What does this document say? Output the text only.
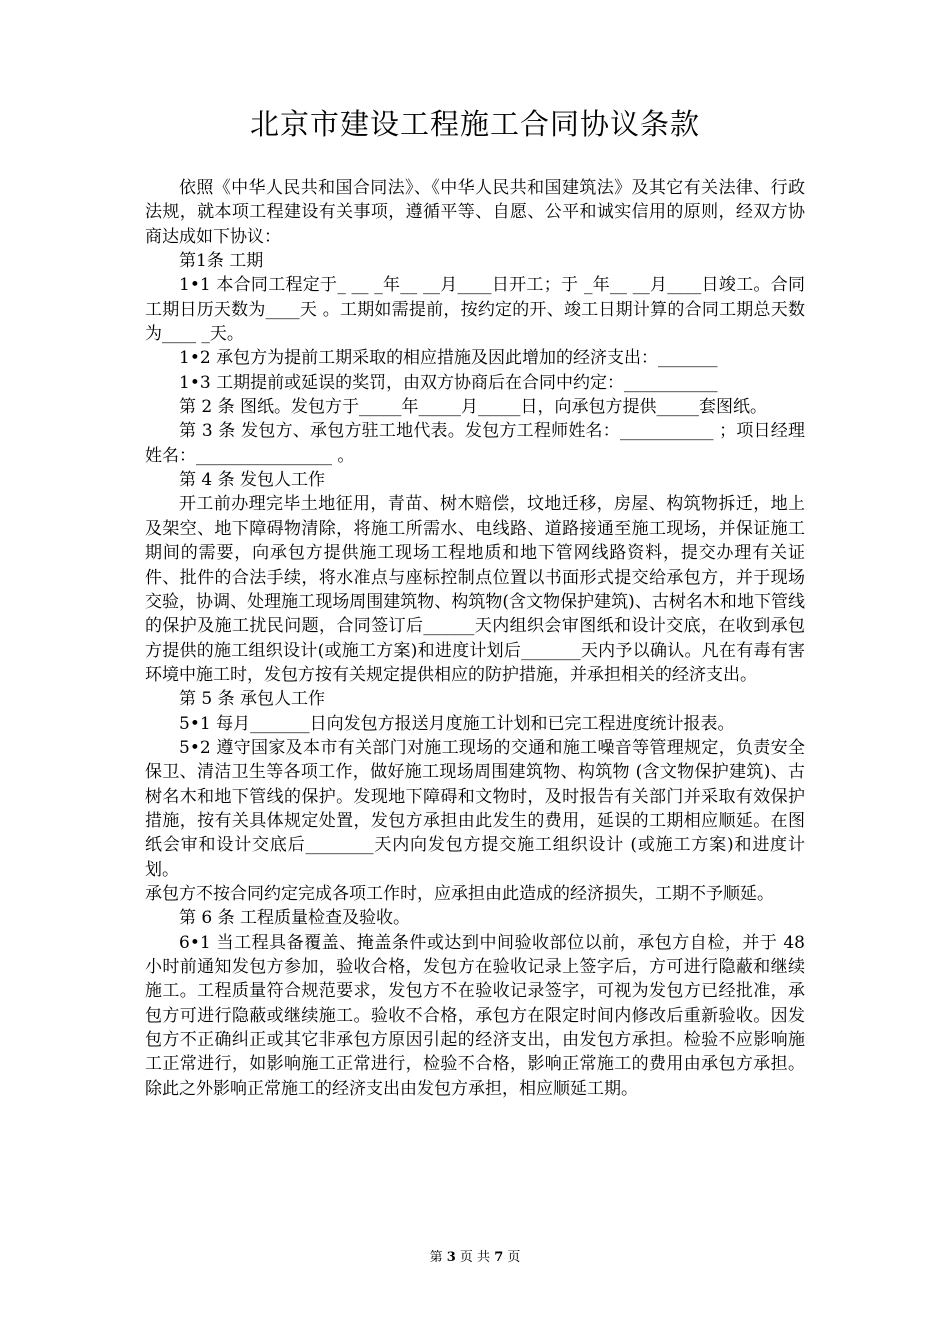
北京市建设工程施工合同协议条款

依照《中华人民共和国合同法》、《中华人民共和国建筑法》及其它有关法律、行政法规，就本项工程建设有关事项，遵循平等、自愿、公平和诚实信用的原则，经双方协商达成如下协议：

第1条 工期

1•1 本合同工程定于_ __ _年__ __月____日开工；于 _年__ __月____日竣工。合同工期日历天数为____天 。工期如需提前，按约定的开、竣工日期计算的合同工期总天数为____ _天。

1•2 承包方为提前工期采取的相应措施及因此增加的经济支出：_______

1•3 工期提前或延误的奖罚，由双方协商后在合同中约定：___________

第 2 条 图纸。发包方于_____年_____月_____日，向承包方提供_____套图纸。

第 3 条 发包方、承包方驻工地代表。发包方工程师姓名：___________ ；项日经理姓名：________________ 。

第 4 条 发包人工作

开工前办理完毕土地征用，青苗、树木赔偿，坟地迁移，房屋、构筑物拆迁，地上及架空、地下障碍物清除，将施工所需水、电线路、道路接通至施工现场，并保证施工期间的需要，向承包方提供施工现场工程地质和地下管网线路资料，提交办理有关证件、批件的合法手续，将水准点与座标控制点位置以书面形式提交给承包方，并于现场交验，协调、处理施工现场周围建筑物、构筑物(含文物保护建筑)、古树名木和地下管线的保护及施工扰民问题，合同签订后______天内组织会审图纸和设计交底，在收到承包方提供的施工组织设计(或施工方案)和进度计划后_______天内予以确认。凡在有毒有害环境中施工时，发包方按有关规定提供相应的防护措施，并承担相关的经济支出。

第 5 条 承包人工作

5•1 每月_______日向发包方报送月度施工计划和已完工程进度统计报表。

5•2 遵守国家及本市有关部门对施工现场的交通和施工噪音等管理规定，负责安全保卫、清洁卫生等各项工作，做好施工现场周围建筑物、构筑物 (含文物保护建筑)、古树名木和地下管线的保护。发现地下障碍和文物时，及时报告有关部门并采取有效保护措施，按有关具体规定处置，发包方承担由此发生的费用，延误的工期相应顺延。在图纸会审和设计交底后________天内向发包方提交施工组织设计 (或施工方案)和进度计划。

承包方不按合同约定完成各项工作时，应承担由此造成的经济损失，工期不予顺延。

第 6 条 工程质量检查及验收。

6•1 当工程具备覆盖、掩盖条件或达到中间验收部位以前，承包方自检，并于 48 小时前通知发包方参加，验收合格，发包方在验收记录上签字后，方可进行隐蔽和继续施工。工程质量符合规范要求，发包方不在验收记录签字，可视为发包方已经批准，承包方可进行隐蔽或继续施工。验收不合格，承包方在限定时间内修改后重新验收。因发包方不正确纠正或其它非承包方原因引起的经济支出，由发包方承担。检验不应影响施工正常进行，如影响施工正常进行，检验不合格，影响正常施工的费用由承包方承担。除此之外影响正常施工的经济支出由发包方承担，相应顺延工期。

第 3 页 共 7 页
